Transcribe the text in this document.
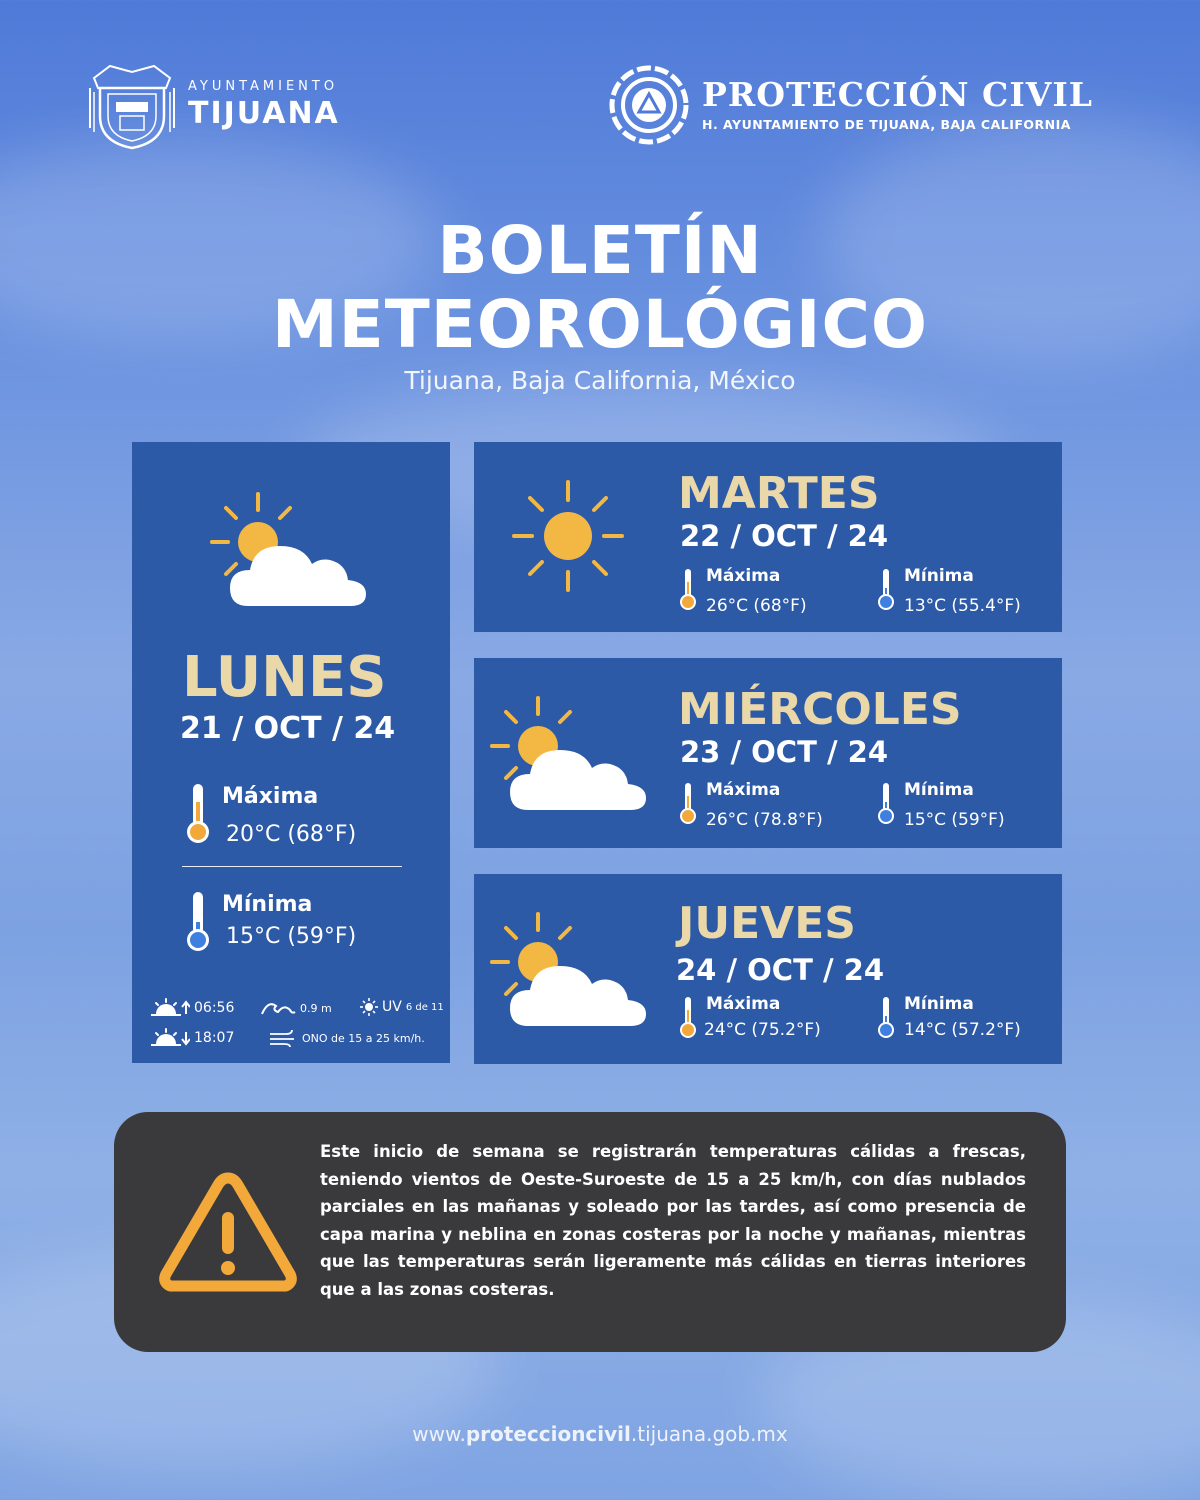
AYUNTAMIENTO
TIJUANA	PROTECCIÓN CIVIL
H. AYUNTAMIENTO DE TIJUANA, BAJA CALIFORNIA
BOLETÍN
METEOROLÓGICO
Tijuana, Baja California, México
LUNES
21 / OCT / 24
Máxima
20°C (68°F)
Mínima
15°C (59°F)
06:56
18:07
0.9 m	UV 6 de 11
ONO de 15 a 25 km/h.
MARTES
22 / OCT / 24
Máxima
26°C (68°F)
Mínima
13°C (55.4°F)
MIÉRCOLES
23 / OCT / 24
Máxima
26°C (78.8°F)
Mínima
15°C (59°F)
JUEVES
24 / OCT / 24
Máxima
24°C (75.2°F)
Mínima
14°C (57.2°F)
Este inicio de semana se registrarán temperaturas cálidas a frescas, teniendo vientos de Oeste-Suroeste de 15 a 25 km/h, con días nublados parciales en las mañanas y soleado por las tardes, así como presencia de capa marina y neblina en zonas costeras por la noche y mañanas, mientras que las temperaturas serán ligeramente más cálidas en tierras interiores que a las zonas costeras.
www.proteccioncivil.tijuana.gob.mx
